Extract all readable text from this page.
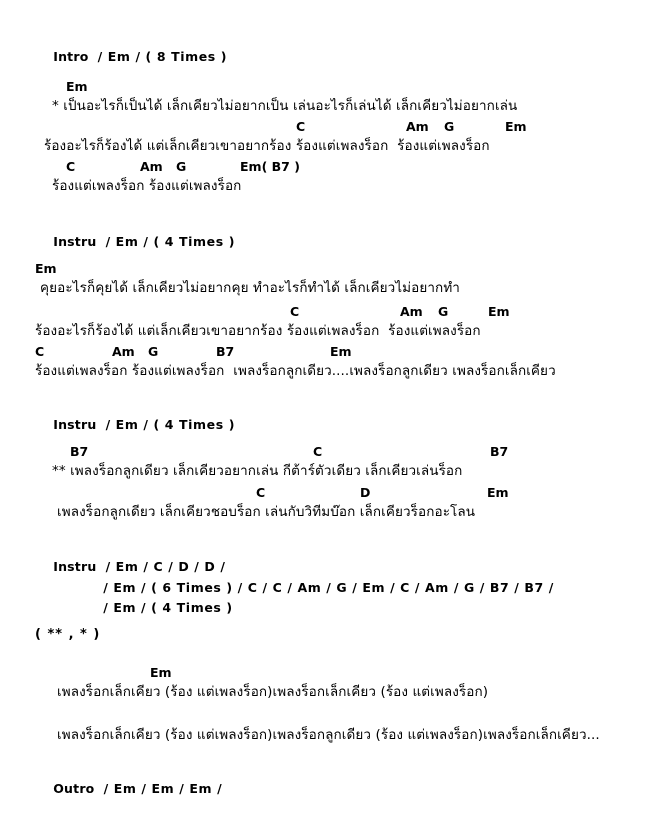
Intro / Em / ( 8 Times )

Em

* เป็นอะไรก็เป็นได้ เล็กเคียวไม่อยากเป็น เล่นอะไรก็เล่นได้ เล็กเคียวไม่อยากเล่น

C

	Am

G

	Em

ร้องอะไรก็ร้องได้ แต่เล็กเคียวเขาอยากร้อง ร้องแต่เพลงร็อก  ร้องแต่เพลงร็อก

C

	Am

G

	Em( B7 )

ร้องแต่เพลงร็อก ร้องแต่เพลงร็อก

Instru / Em / ( 4 Times )

Em

คุยอะไรก็คุยได้ เล็กเคียวไม่อยากคุย ทำอะไรก็ทำได้ เล็กเคียวไม่อยากทำ

C

	Am

G

	Em

ร้องอะไรก็ร้องได้ แต่เล็กเคียวเขาอยากร้อง ร้องแต่เพลงร็อก  ร้องแต่เพลงร็อก

C

	Am

G

	B7

	Em

ร้องแต่เพลงร็อก ร้องแต่เพลงร็อก  เพลงร็อกลูกเดียว....เพลงร็อกลูกเดียว เพลงร็อกเล็กเคียว

Instru / Em / ( 4 Times )

B7

	C

	B7

** เพลงร็อกลูกเดียว เล็กเคียวอยากเล่น กีต้าร์ตัวเดียว เล็กเคียวเล่นร็อก

C

	D

	Em

เพลงร็อกลูกเดียว เล็กเคียวชอบร็อก เล่นกับวิทีมบ๊อก เล็กเคียวร็อกอะโลน

Instru / Em / C / D / D /

/ Em / ( 6 Times ) / C / C / Am / G / Em / C / Am / G / B7 / B7 /

/ Em / ( 4 Times )

( ** , * )

Em

เพลงร็อกเล็กเคียว (ร้อง แต่เพลงร็อก)เพลงร็อกเล็กเคียว (ร้อง แต่เพลงร็อก)
เพลงร็อกเล็กเคียว (ร้อง แต่เพลงร็อก)เพลงร็อกลูกเดียว (ร้อง แต่เพลงร็อก)เพลงร็อกเล็กเคียว...

Outro / Em / Em / Em /
